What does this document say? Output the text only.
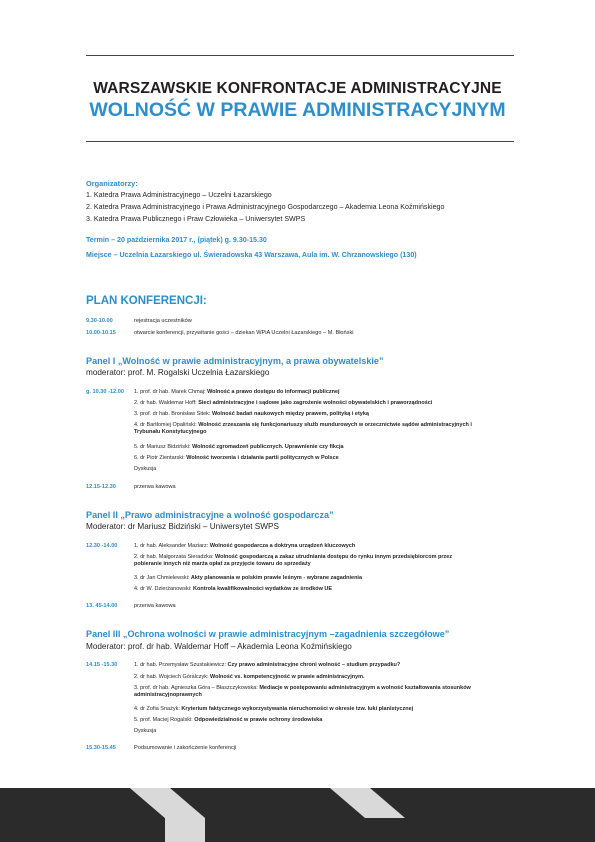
WARSZAWSKIE KONFRONTACJE ADMINISTRACYJNE
WOLNOŚĆ W PRAWIE ADMINISTRACYJNYM
Organizatorzy:
1. Katedra Prawa Administracyjnego – Uczelni Łazarskiego
2. Katedra Prawa Administracyjnego i Prawa Administracyjnego Gospodarczego – Akademia Leona Koźmińskiego
3. Katedra Prawa Publicznego i Praw Człowieka – Uniwersytet SWPS
Termin – 20 października 2017 r., (piątek) g. 9.30-15.30
Miejsce – Uczelnia Łazarskiego ul. Świeradowska 43 Warszawa, Aula im. W. Chrzanowskiego (130)
PLAN KONFERENCJI:
9.30-10.00	rejestracja uczestników
10.00-10.15	otwarcie konferencji, przywitanie gości – dziekan WPiA Uczelni Łazarskiego – M. Błoński
Panel I „Wolność w prawie administracyjnym, a prawa obywatelskie”
moderator: prof. M. Rogalski Uczelnia Łazarskiego
g. 10.30 -12.00 1. prof. dr hab. Marek Chmaj: Wolność a prawo dostępu do informacji publicznej
2. dr hab. Waldemar Hoff: Sieci administracyjne i sądowe jako zagrożenie wolności obywatelskich i praworządności
3. prof. dr hab. Bronisław Sitek: Wolność badań naukowych między prawem, polityką i etyką
4. dr Bartłomiej Opaliński: Wolność zrzeszania się funkcjonariuszy służb mundurowych w orzecznictwie sądów administracyjnych i Trybunału Konstytucyjnego
5. dr Mariusz Bidziński: Wolność zgromadzeń publicznych. Uprawnienie czy fikcja
6. dr Piotr Zientarski: Wolność tworzenia i działania partii politycznych w Polsce
Dyskusja
12.15-12.30	przerwa kawowa
Panel II „Prawo administracyjne a wolność gospodarcza”
Moderator: dr Mariusz Bidziński – Uniwersytet SWPS
12.30 -14.00	1. dr hab. Aleksander Maziarz: Wolność gospodarcza a doktryna urządzeń kluczowych
2. dr hab. Małgorzata Sieradzka: Wolność gospodarczą a zakaz utrudniania dostępu do rynku innym przedsiębiorcom przez pobieranie innych niż marża opłat za przyjęcie towaru do sprzedaży
3. dr Jan Chmielewski: Akty planowania w polskim prawie leśnym - wybrane zagadnienia
4. dr W. Dzierżanowski: Kontrola kwalifikowalności wydatków ze środków UE
13. 45-14.00	przerwa kawowa
Panel III „Ochrona wolności w prawie administracyjnym –zagadnienia szczegółowe”
Moderator: prof. dr hab. Waldemar Hoff – Akademia Leona Koźmińskiego
14.15 -15.30	1. dr hab. Przemysław Szustakiewicz: Czy prawo administracyjne chroni wolność – studium przypadku?
2. dr hab. Wojciech Góralczyk: Wolność vs. kompetencyjność w prawie administracyjnym.
3. prof. dr hab. Agnieszka Góra – Błaszczykowska: Mediacje w postępowaniu administracyjnym a wolność kształtowania stosunków administracyjnoprawnych
4. dr Zofia Snażyk: Kryterium faktycznego wykorzystywania nieruchomości w okresie tzw. luki planistycznej
5. prof. Maciej Rogalski: Odpowiedzialność w prawie ochrony środowiska
Dyskusja
15.30-15.45	Podsumowanie i zakończenie konferencji
